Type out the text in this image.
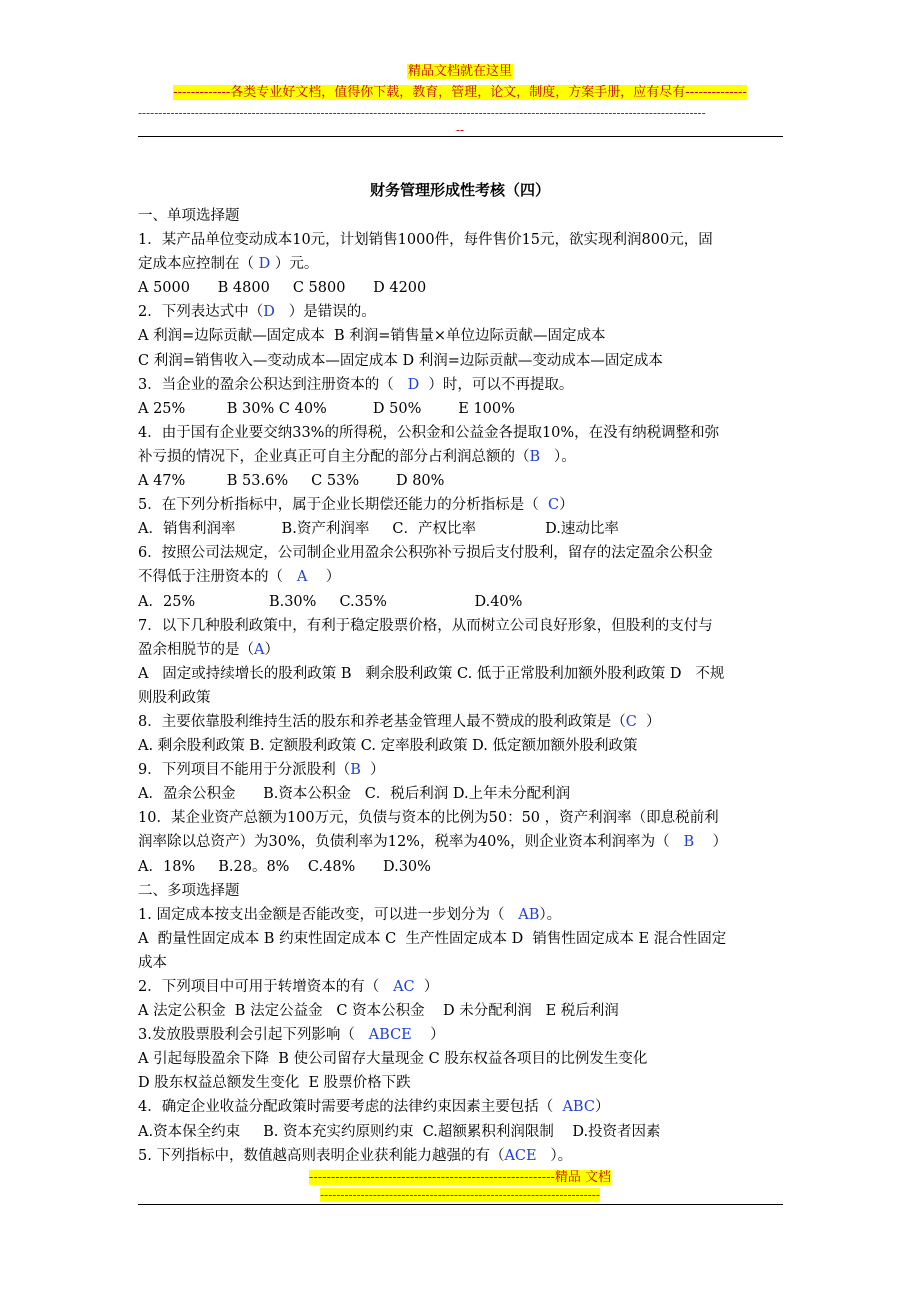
精品文档就在这里
-------------各类专业好文档，值得你下载，教育，管理，论文，制度，方案手册，应有尽有--------------
--------------------------------------------------------------------------------------------------------------------------------------------
--
财务管理形成性考核（四）

一、单项选择题

1．某产品单位变动成本10元，计划销售1000件，每件售价15元，欲实现利润800元，固

定成本应控制在（ D ）元。

A 5000      B 4800     C 5800      D 4200

2．下列表达式中（D   ）是错误的。

A 利润=边际贡献—固定成本  B 利润=销售量×单位边际贡献—固定成本

C 利润=销售收入—变动成本—固定成本 D 利润=边际贡献—变动成本—固定成本

3．当企业的盈余公积达到注册资本的（   D  ）时，可以不再提取。

A 25%         B 30% C 40%          D 50%        E 100%

4．由于国有企业要交纳33%的所得税，公积金和公益金各提取10%，在没有纳税调整和弥

补亏损的情况下，企业真正可自主分配的部分占利润总额的（B   ）。

A 47%         B 53.6%     C 53%        D 80%

5．在下列分析指标中，属于企业长期偿还能力的分析指标是（  C）

A．销售利润率          B.资产利润率     C．产权比率               D.速动比率

6．按照公司法规定，公司制企业用盈余公积弥补亏损后支付股利，留存的法定盈余公积金

不得低于注册资本的（   A    ）

A．25%                B.30%     C.35%                   D.40%

7．以下几种股利政策中，有利于稳定股票价格，从而树立公司良好形象，但股利的支付与

盈余相脱节的是（A）

A   固定或持续增长的股利政策 B   剩余股利政策 C. 低于正常股利加额外股利政策 D   不规

则股利政策

8．主要依靠股利维持生活的股东和养老基金管理人最不赞成的股利政策是（C  ）

A. 剩余股利政策 B. 定额股利政策 C. 定率股利政策 D. 低定额加额外股利政策

9．下列项目不能用于分派股利（B  ）

A．盈余公积金      B.资本公积金   C．税后利润 D.上年未分配利润

10．某企业资产总额为100万元，负债与资本的比例为50：50 ，资产利润率（即息税前利

润率除以总资产）为30%，负债利率为12%，税率为40%，则企业资本利润率为（   B    ）

A．18%     B.28。8%    C.48%      D.30%

二、多项选择题

1. 固定成本按支出金额是否能改变，可以进一步划分为（   AB）。

A  酌量性固定成本 B 约束性固定成本 C  生产性固定成本 D  销售性固定成本 E 混合性固定

成本

2．下列项目中可用于转增资本的有（   AC  ）

A 法定公积金  B 法定公益金   C 资本公积金    D 未分配利润   E 税后利润

3.发放股票股利会引起下列影响（   ABCE    ）

A 引起每股盈余下降  B 使公司留存大量现金 C 股东权益各项目的比例发生变化

D 股东权益总额发生变化  E 股票价格下跌

4．确定企业收益分配政策时需要考虑的法律约束因素主要包括（  ABC）

A.资本保全约束     B. 资本充实约原则约束  C.超额累积利润限制    D.投资者因素

5. 下列指标中，数值越高则表明企业获利能力越强的有（ACE   ）。

--------------------------------------------------------精品 文档
---------------------------------------------------------------------
